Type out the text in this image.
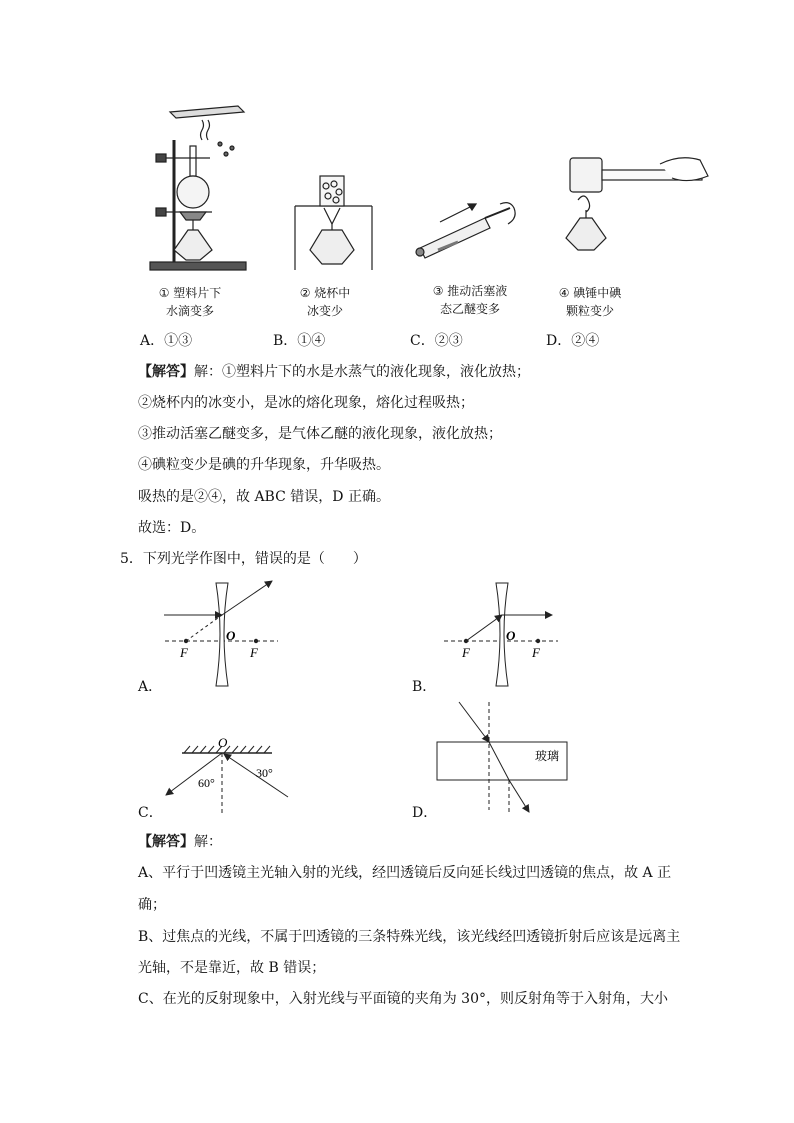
① 塑料片下
水滴变多
② 烧杯中
冰变少
③ 推动活塞液
态乙醚变多
④ 碘锤中碘
颗粒变少
A．①③	B．①④	C．②③	D．②④
【解答】解：①塑料片下的水是水蒸气的液化现象，液化放热；
②烧杯内的冰变小，是冰的熔化现象，熔化过程吸热；
③推动活塞乙醚变多，是气体乙醚的液化现象，液化放热；
④碘粒变少是碘的升华现象，升华吸热。
吸热的是②④，故 ABC 错误，D 正确。
故选：D。
5．下列光学作图中，错误的是（　　）
F	F
O
A．
F	F
O
B．
O
60°
30°
C．
玻璃
D．
【解答】解：
A、平行于凹透镜主光轴入射的光线，经凹透镜后反向延长线过凹透镜的焦点，故 A 正
确；
B、过焦点的光线，不属于凹透镜的三条特殊光线，该光线经凹透镜折射后应该是远离主
光轴，不是靠近，故 B 错误；
C、在光的反射现象中，入射光线与平面镜的夹角为 30°，则反射角等于入射角，大小
